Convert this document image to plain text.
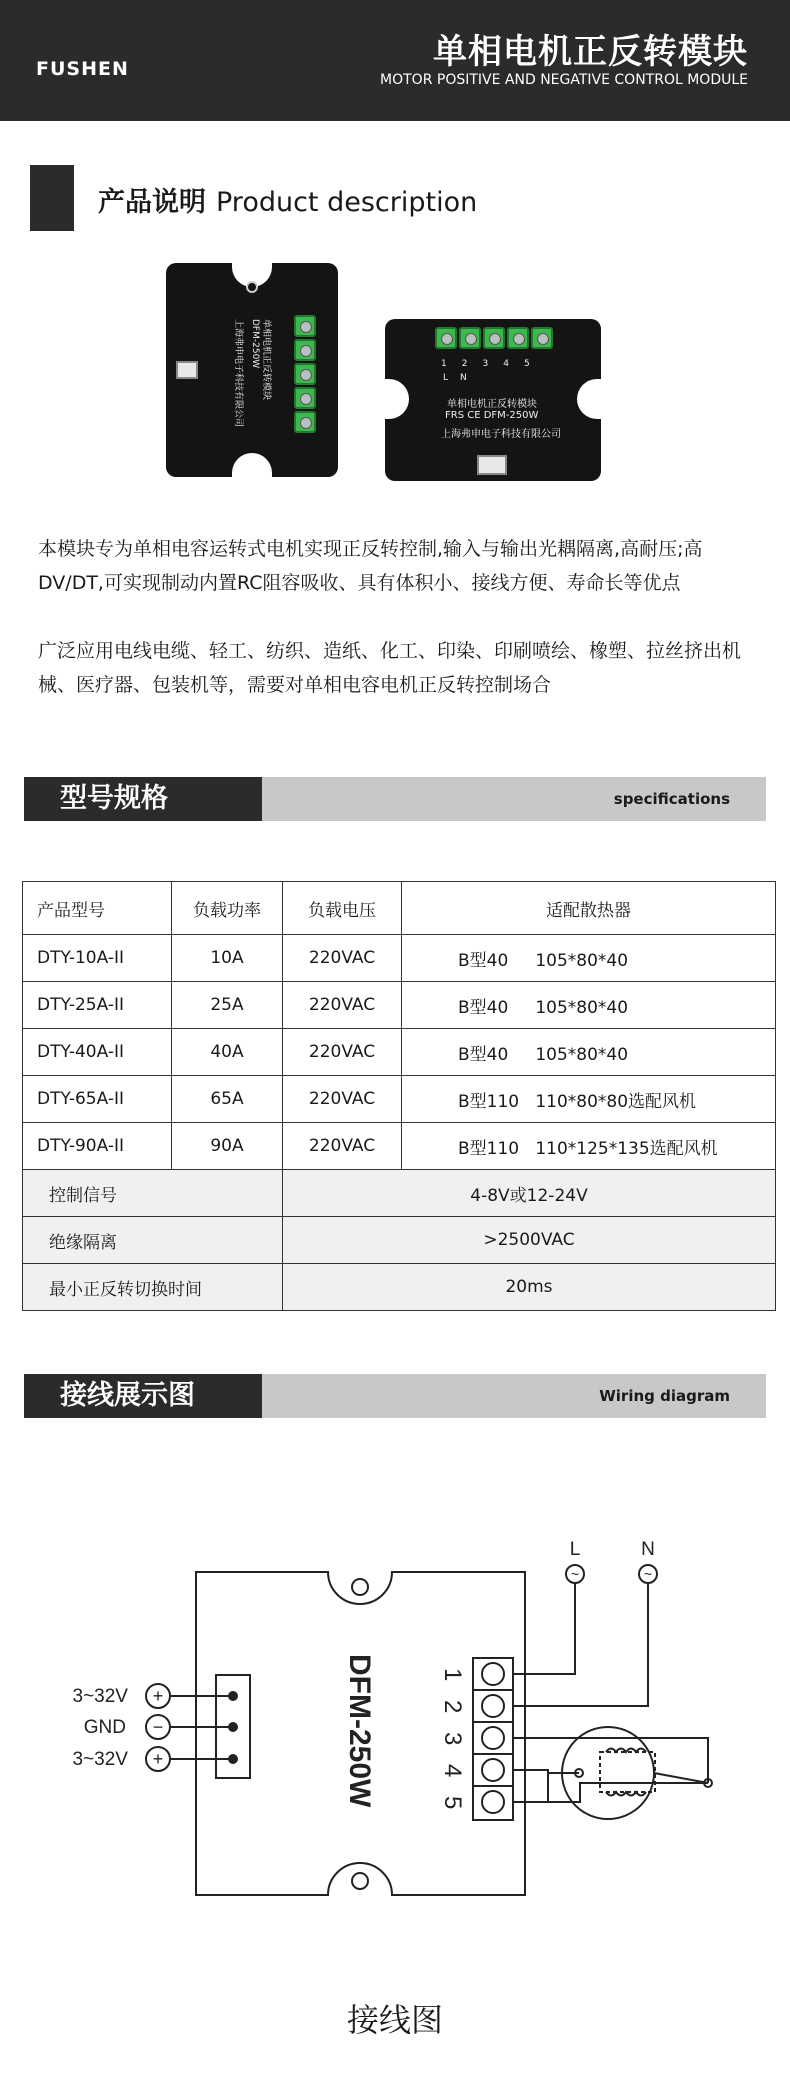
FUSHEN	单相电机正反转模块
MOTOR POSITIVE AND NEGATIVE CONTROL MODULE
产品说明 Product description
单相电机正反转模块
DFM-250W
上海弗申电子科技有限公司	12345
LN
单相电机正反转模块
FRS CE DFM-250W
上海弗申电子科技有限公司
本模块专为单相电容运转式电机实现正反转控制,输入与输出光耦隔离,高耐压;高DV/DT,可实现制动内置RC阻容吸收、具有体积小、接线方便、寿命长等优点
广泛应用电线电缆、轻工、纺织、造纸、化工、印染、印刷喷绘、橡塑、拉丝挤出机械、医疗器、包装机等，需要对单相电容电机正反转控制场合
型号规格	specifications
产品型号	负载功率	负载电压	适配散热器
DTY-10A-II	10A	220VAC	B型40     105*80*40
DTY-25A-II	25A	220VAC	B型40     105*80*40
DTY-40A-II	40A	220VAC	B型40     105*80*40
DTY-65A-II	65A	220VAC	B型110   110*80*80选配风机
DTY-90A-II	90A	220VAC	B型110   110*125*135选配风机
控制信号		4-8V或12-24V	
绝缘隔离		>2500VAC	
最小正反转切换时间		20ms	
接线展示图	Wiring diagram
+
−
+
3~32V
GND
3~32V	DFM-250W	1
2
3
4
5
L	N
~	~
接线图
